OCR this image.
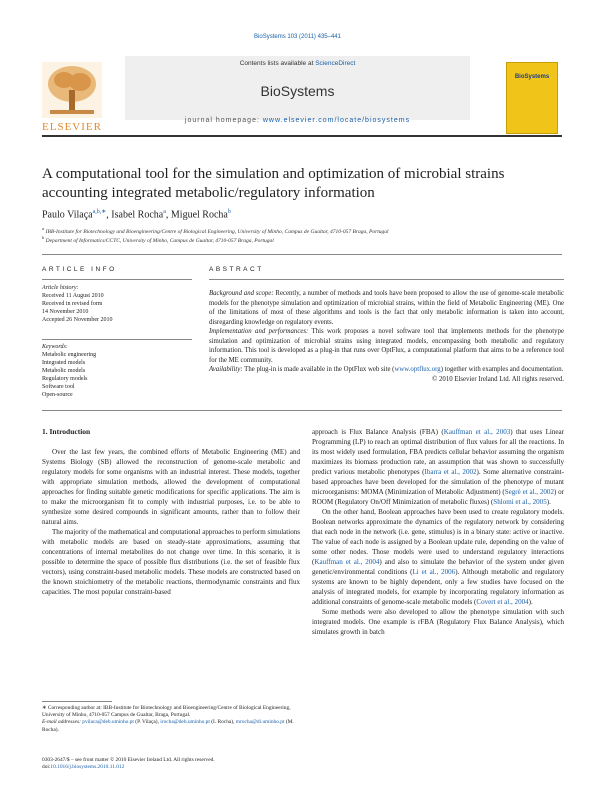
BioSystems 103 (2011) 435–441
Contents lists available at ScienceDirect
BioSystems
ELSEVIER
BioSystems
journal homepage: www.elsevier.com/locate/biosystems
A computational tool for the simulation and optimization of microbial strains
accounting integrated metabolic/regulatory information
Paulo Vilaça$^{a,b,∗}$, Isabel Rocha$^a$, Miguel Rocha$^b$
$^a$ IBB-Institute for Biotechnology and Bioengineering/Centre of Biological Engineering, University of Minho, Campus de Gualtar, 4710-057 Braga, Portugal
$^b$ Department of Informatics/CCTC, University of Minho, Campus de Gualtar, 4710-057 Braga, Portugal
ARTICLE INFO
Article history:
Received 11 August 2010
Received in revised form
14 November 2010
Accepted 26 November 2010
Keywords:
Metabolic engineering
Integrated models
Metabolic models
Regulatory models
Software tool
Open-source
ABSTRACT

Background and scope: Recently, a number of methods and tools have been proposed to allow the use of genome-scale metabolic models for the phenotype simulation and optimization of microbial strains, within the field of Metabolic Engineering (ME). One of the limitations of most of these algorithms and tools is the fact that only metabolic information is taken into account, disregarding knowledge on regulatory events.

Implementation and performances: This work proposes a novel software tool that implements methods for the phenotype simulation and optimization of microbial strains using integrated models, encompassing both metabolic and regulatory information. This tool is developed as a plug-in that runs over OptFlux, a computational platform that aims to be a reference tool for the ME community.

Availability: The plug-in is made available in the OptFlux web site (www.optflux.org) together with examples and documentation.

© 2010 Elsevier Ireland Ltd. All rights reserved.

1. Introduction

Over the last few years, the combined efforts of Metabolic Engineering (ME) and Systems Biology (SB) allowed the reconstruction of genome-scale metabolic and regulatory models for some organisms with an industrial interest. These models, together with appropriate simulation methods, allowed the development of computational approaches for finding suitable genetic modifications for specific applications. The aim is to make the microorganism fit to comply with industrial purposes, i.e. to be able to synthesize some desired compounds in significant amounts, rather than to follow their natural aims.

The majority of the mathematical and computational approaches to perform simulations with metabolic models are based on steady-state approximations, assuming that concentrations of internal metabolites do not change over time. In this scenario, it is possible to determine the space of possible flux distributions (i.e. the set of feasible flux vectors), using constraint-based metabolic models. These models are constructed based on the known stoichiometry of the metabolic reactions, thermodynamic constraints and flux capacities. The most popular constraint-based

approach is Flux Balance Analysis (FBA) (Kauffman et al., 2003) that uses Linear Programming (LP) to reach an optimal distribution of flux values for all the reactions. In its most widely used formulation, FBA predicts cellular behavior assuming the organism maximizes its biomass production rate, an assumption that was shown to successfully predict various metabolic phenotypes (Ibarra et al., 2002). Some alternative constraint-based approaches have been developed for the simulation of the phenotype of mutant microorganisms: MOMA (Minimization of Metabolic Adjustment) (Segrè et al., 2002) or ROOM (Regulatory On/Off Minimization of metabolic fluxes) (Shlomi et al., 2005).

On the other hand, Boolean approaches have been used to create regulatory models. Boolean networks approximate the dynamics of the regulatory network by considering that each node in the network (i.e. gene, stimulus) is in a binary state: active or inactive. The value of each node is assigned by a Boolean update rule, depending on the value of some other nodes. Those models were used to understand regulatory interactions (Kauffman et al., 2004) and also to simulate the behavior of the system under given genetic/environmental conditions (Li et al., 2006). Although metabolic and regulatory systems are known to be highly dependent, only a few studies have focused on the analysis of integrated models, for example by incorporating regulatory information as additional constraints of genome-scale metabolic models (Covert et al., 2004).

Some methods were also developed to allow the phenotype simulation with such integrated models. One example is rFBA (Regulatory Flux Balance Analysis), which simulates growth in batch

∗ Corresponding author at: IBB-Institute for Biotechnology and Bioengineering/Centre of Biological Engineering, University of Minho, 4710-057 Campus de Gualtar, Braga, Portugal.
E-mail addresses: pvilaca@deb.uminho.pt (P. Vilaça), irocha@deb.uminho.pt (I. Rocha), mrocha@di.uminho.pt (M. Rocha).
0303-2647/$ – see front matter © 2010 Elsevier Ireland Ltd. All rights reserved.
doi:10.1016/j.biosystems.2010.11.012
